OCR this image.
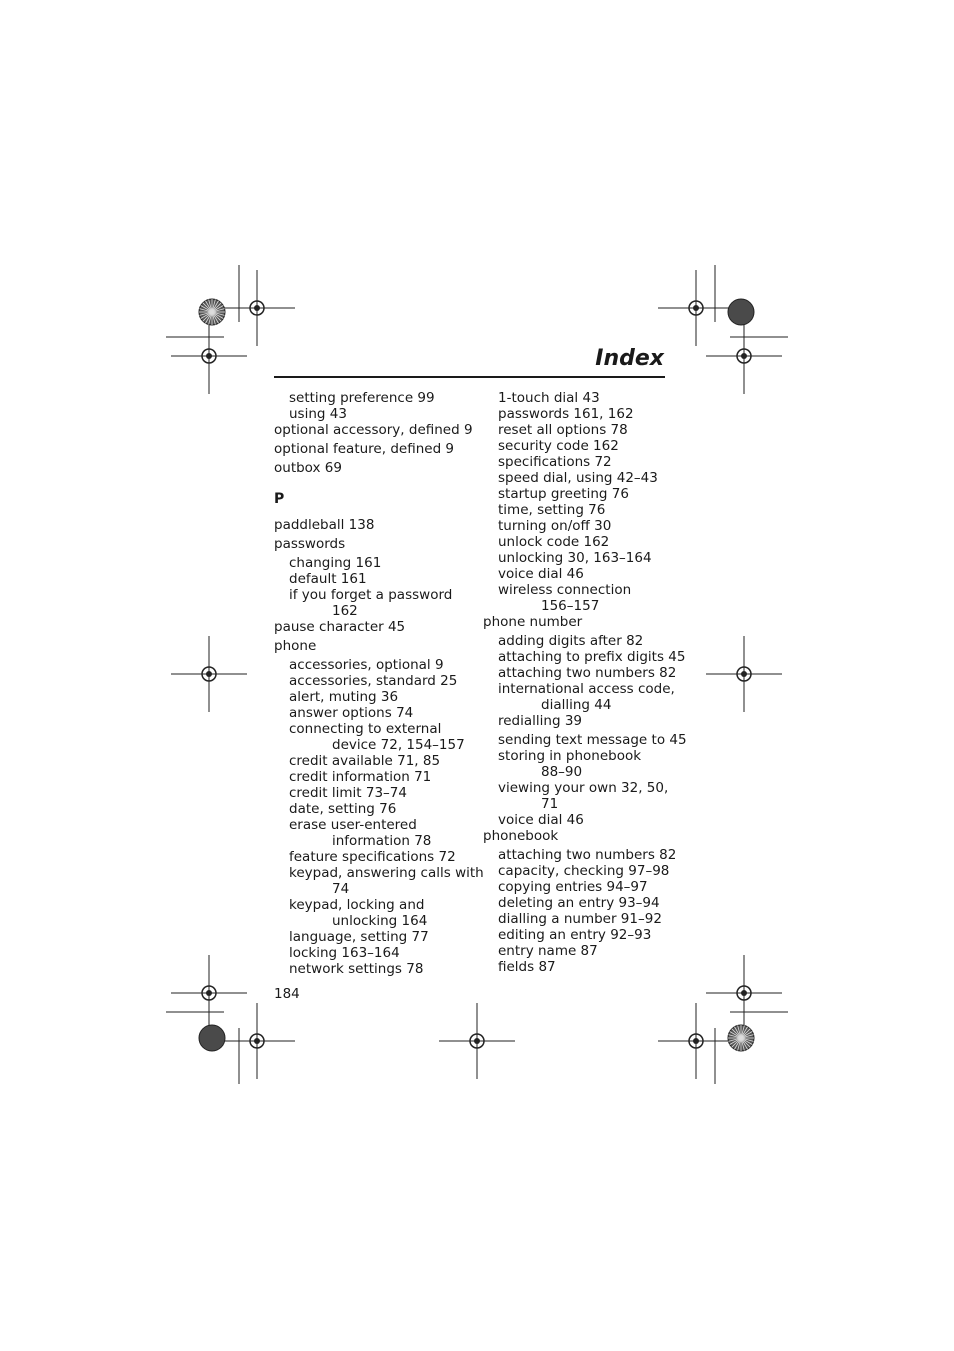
Index
setting preference 99
using 43
optional accessory, defined 9
optional feature, defined 9
outbox 69
P
paddleball 138
passwords
changing 161
default 161
if you forget a password
162
pause character 45
phone
accessories, optional 9
accessories, standard 25
alert, muting 36
answer options 74
connecting to external
device 72, 154–157
credit available 71, 85
credit information 71
credit limit 73–74
date, setting 76
erase user-entered
information 78
feature specifications 72
keypad, answering calls with
74
keypad, locking and
unlocking 164
language, setting 77
locking 163–164
network settings 78
1-touch dial 43
passwords 161, 162
reset all options 78
security code 162
specifications 72
speed dial, using 42–43
startup greeting 76
time, setting 76
turning on/off 30
unlock code 162
unlocking 30, 163–164
voice dial 46
wireless connection
156–157
phone number
adding digits after 82
attaching to prefix digits 45
attaching two numbers 82
international access code,
dialling 44
redialling 39
sending text message to 45
storing in phonebook
88–90
viewing your own 32, 50,
71
voice dial 46
phonebook
attaching two numbers 82
capacity, checking 97–98
copying entries 94–97
deleting an entry 93–94
dialling a number 91–92
editing an entry 92–93
entry name 87
fields 87

184
